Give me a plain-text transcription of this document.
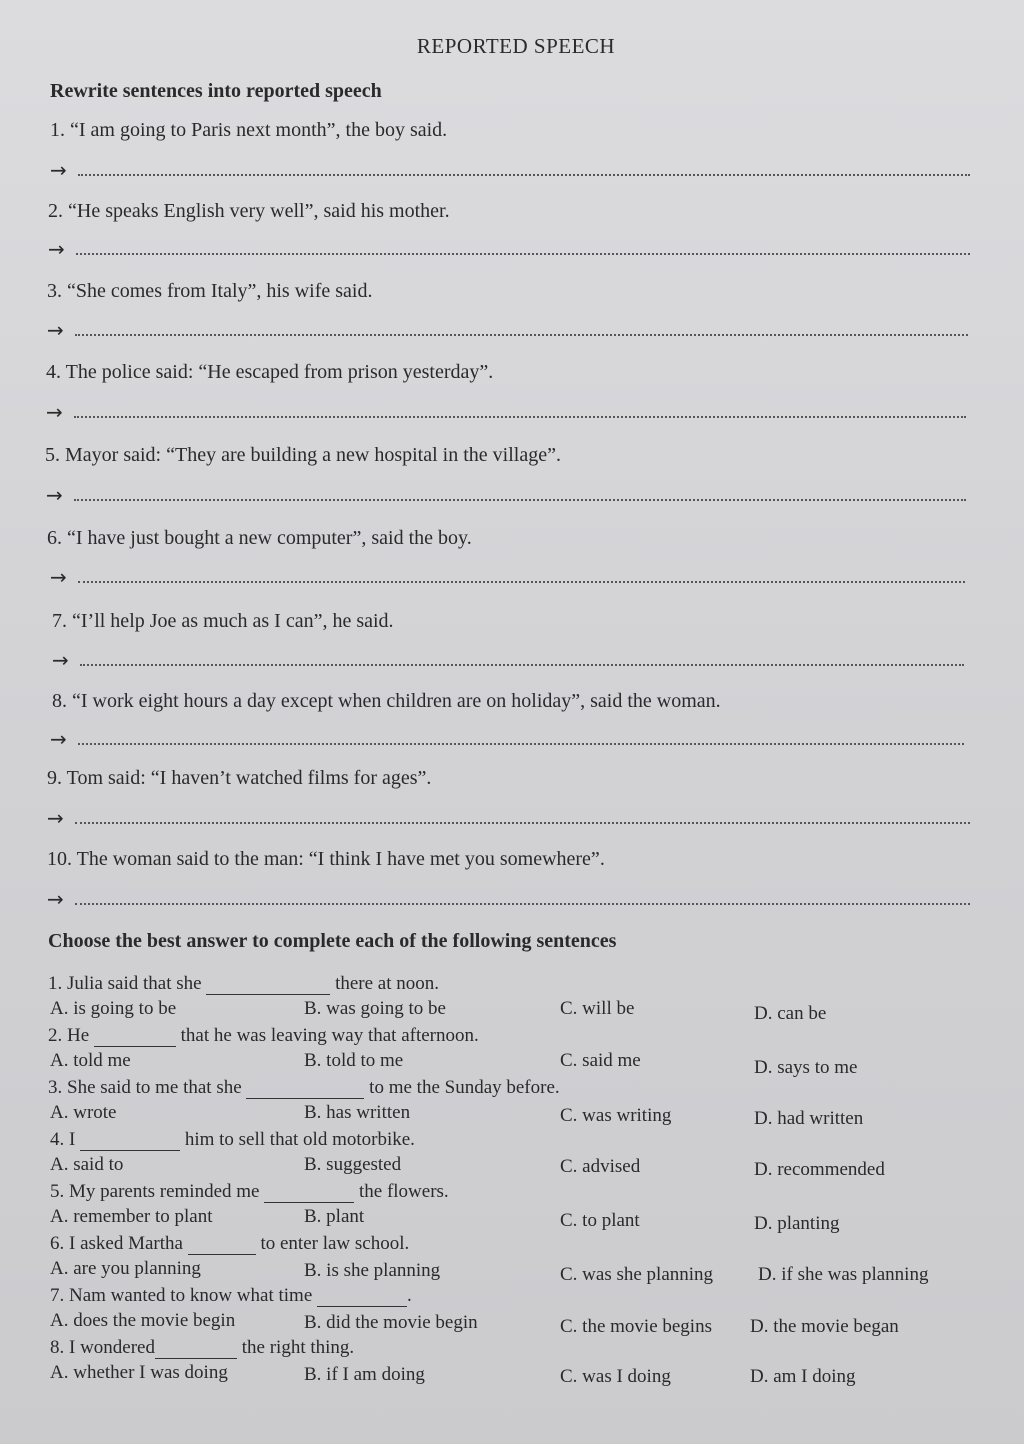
REPORTED SPEECH
Rewrite sentences into reported speech
1. “I am going to Paris next month”, the boy said.
→
2. “He speaks English very well”, said his mother.
→
3. “She comes from Italy”, his wife said.
→
4. The police said: “He escaped from prison yesterday”.
→
5. Mayor said: “They are building a new hospital in the village”.
→
6. “I have just bought a new computer”, said the boy.
→
7. “I’ll help Joe as much as I can”, he said.
→
8. “I work eight hours a day except when children are on holiday”, said the woman.
→
9. Tom said: “I haven’t watched films for ages”.
→
10. The woman said to the man: “I think I have met you somewhere”.
→
Choose the best answer to complete each of the following sentences
1. Julia said that she	there at noon.
A. is going to be	B. was going to be	C. will be	D. can be
2. He	that he was leaving way that afternoon.
A. told me	B. told to me	C. said me	D. says to me
3. She said to me that she	to me the Sunday before.
A. wrote	B. has written	C. was writing	D. had written
4. I	him to sell that old motorbike.
A. said to	B. suggested	C. advised	D. recommended
5. My parents reminded me	the flowers.
A. remember to plant	B. plant	C. to plant	D. planting
6. I asked Martha	to enter law school.
A. are you planning	B. is she planning	C. was she planning D. if she was planning
7. Nam wanted to know what time	.
A. does the movie begin	B. did the movie begin	C. the movie begins D. the movie began
8. I wondered	the right thing.
A. whether I was doing	B. if I am doing	C. was I doing	D. am I doing
